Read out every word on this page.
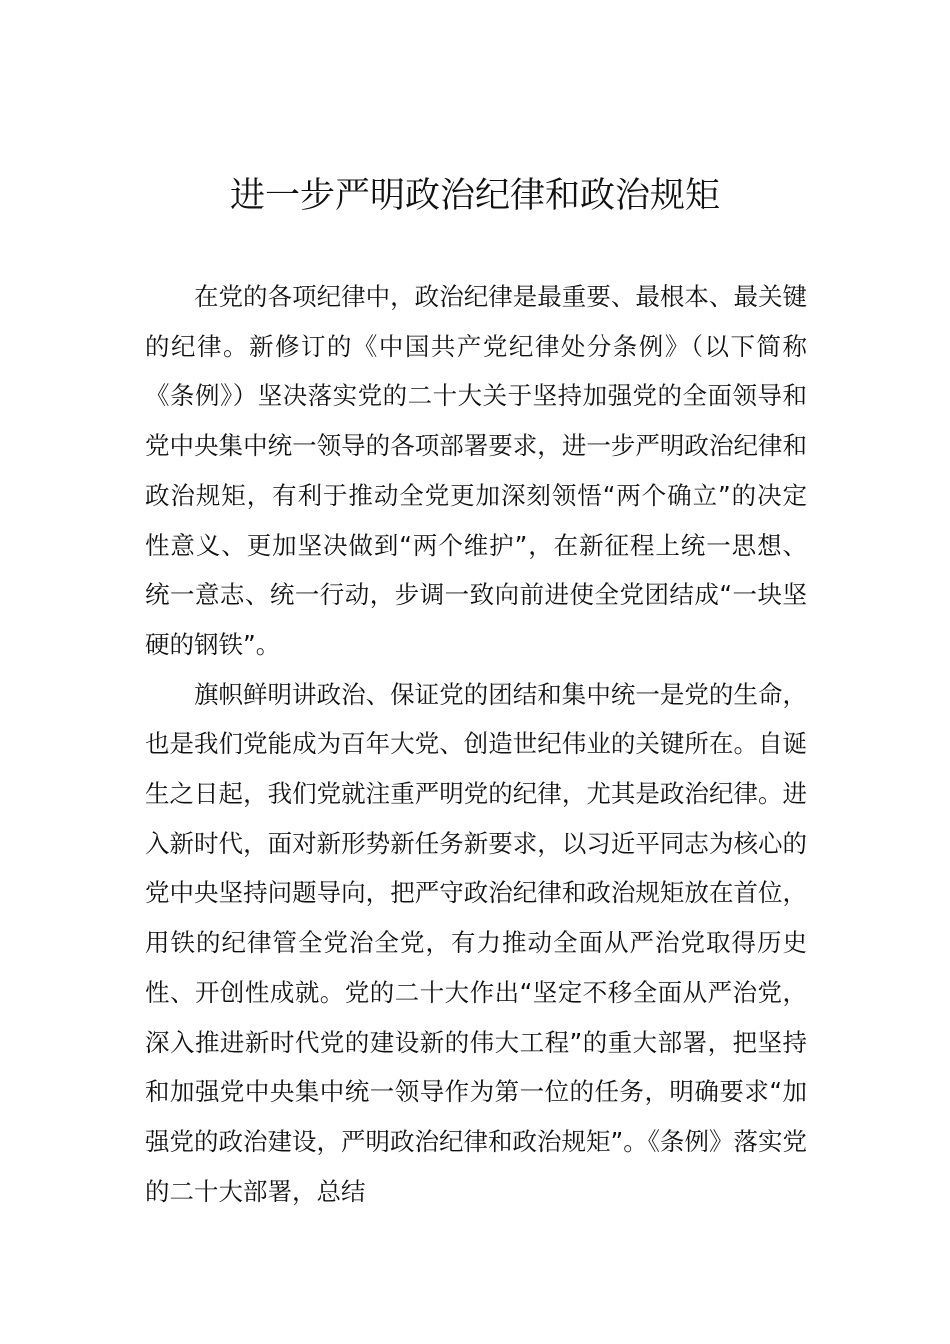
进一步严明政治纪律和政治规矩

在党的各项纪律中，政治纪律是最重要、最根本、最关键的纪律。新修订的《中国共产党纪律处分条例》（以下简称《条例》）坚决落实党的二十大关于坚持加强党的全面领导和党中央集中统一领导的各项部署要求，进一步严明政治纪律和政治规矩，有利于推动全党更加深刻领悟“两个确立”的决定性意义、更加坚决做到“两个维护”，在新征程上统一思想、统一意志、统一行动，步调一致向前进使全党团结成“一块坚硬的钢铁”。

旗帜鲜明讲政治、保证党的团结和集中统一是党的生命，也是我们党能成为百年大党、创造世纪伟业的关键所在。自诞生之日起，我们党就注重严明党的纪律，尤其是政治纪律。进入新时代，面对新形势新任务新要求，以习近平同志为核心的党中央坚持问题导向，把严守政治纪律和政治规矩放在首位，用铁的纪律管全党治全党，有力推动全面从严治党取得历史性、开创性成就。党的二十大作出“坚定不移全面从严治党，深入推进新时代党的建设新的伟大工程”的重大部署，把坚持和加强党中央集中统一领导作为第一位的任务，明确要求“加强党的政治建设，严明政治纪律和政治规矩”。《条例》落实党的二十大部署，总结
